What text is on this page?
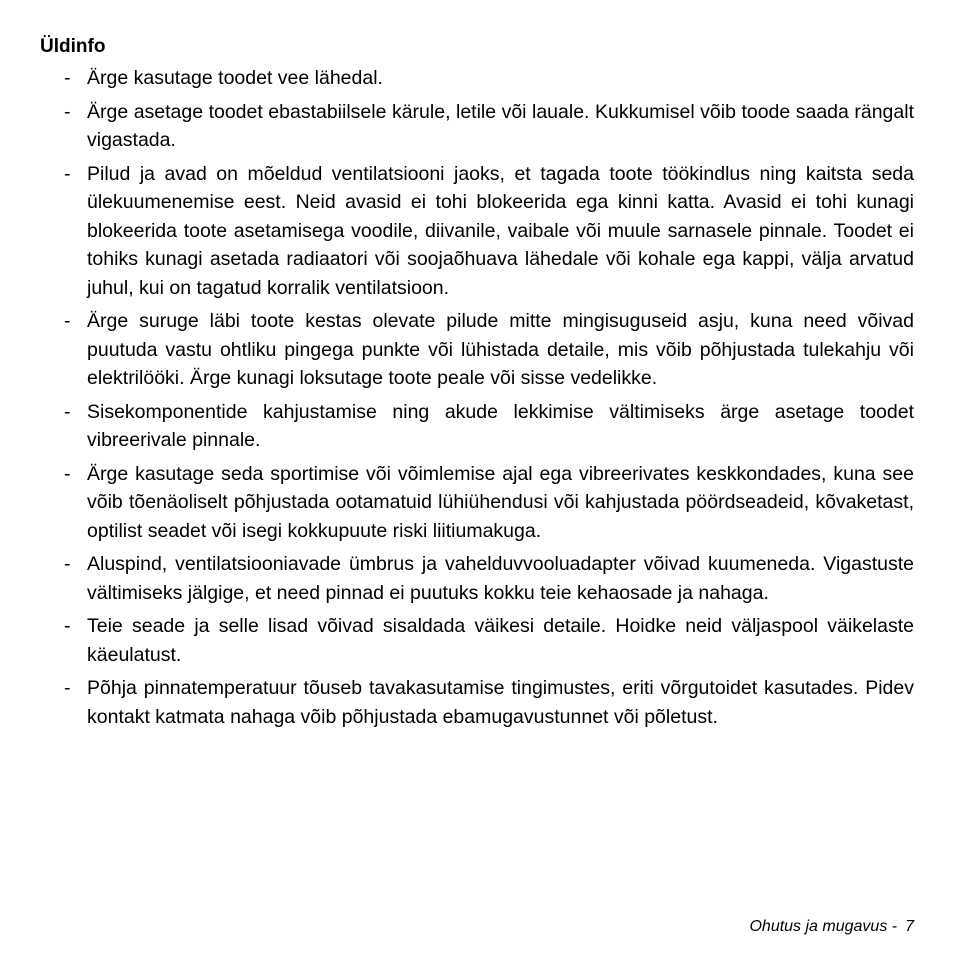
Üldinfo
- Ärge kasutage toodet vee lähedal.
- Ärge asetage toodet ebastabiilsele kärule, letile või lauale. Kukkumisel võib toode saada rängalt vigastada.
- Pilud ja avad on mõeldud ventilatsiooni jaoks, et tagada toote töökindlus ning kaitsta seda ülekuumenemise eest. Neid avasid ei tohi blokeerida ega kinni katta. Avasid ei tohi kunagi blokeerida toote asetamisega voodile, diivanile, vaibale või muule sarnasele pinnale. Toodet ei tohiks kunagi asetada radiaatori või soojaõhuava lähedale või kohale ega kappi, välja arvatud juhul, kui on tagatud korralik ventilatsioon.
- Ärge suruge läbi toote kestas olevate pilude mitte mingisuguseid asju, kuna need võivad puutuda vastu ohtliku pingega punkte või lühistada detaile, mis võib põhjustada tulekahju või elektrilööki. Ärge kunagi loksutage toote peale või sisse vedelikke.
- Sisekomponentide kahjustamise ning akude lekkimise vältimiseks ärge asetage toodet vibreerivale pinnale.
- Ärge kasutage seda sportimise või võimlemise ajal ega vibreerivates keskkondades, kuna see võib tõenäoliselt põhjustada ootamatuid lühiühendusi või kahjustada pöördseadeid, kõvaketast, optilist seadet või isegi kokkupuute riski liitiumakuga.
- Aluspind, ventilatsiooniavade ümbrus ja vahelduvvooluadapter võivad kuumeneda. Vigastuste vältimiseks jälgige, et need pinnad ei puutuks kokku teie kehaosade ja nahaga.
- Teie seade ja selle lisad võivad sisaldada väikesi detaile. Hoidke neid väljaspool väikelaste käeulatust.
- Põhja pinnatemperatuur tõuseb tavakasutamise tingimustes, eriti võrgutoidet kasutades. Pidev kontakt katmata nahaga võib põhjustada ebamugavustunnet või põletust.
Ohutus ja mugavus - 7
